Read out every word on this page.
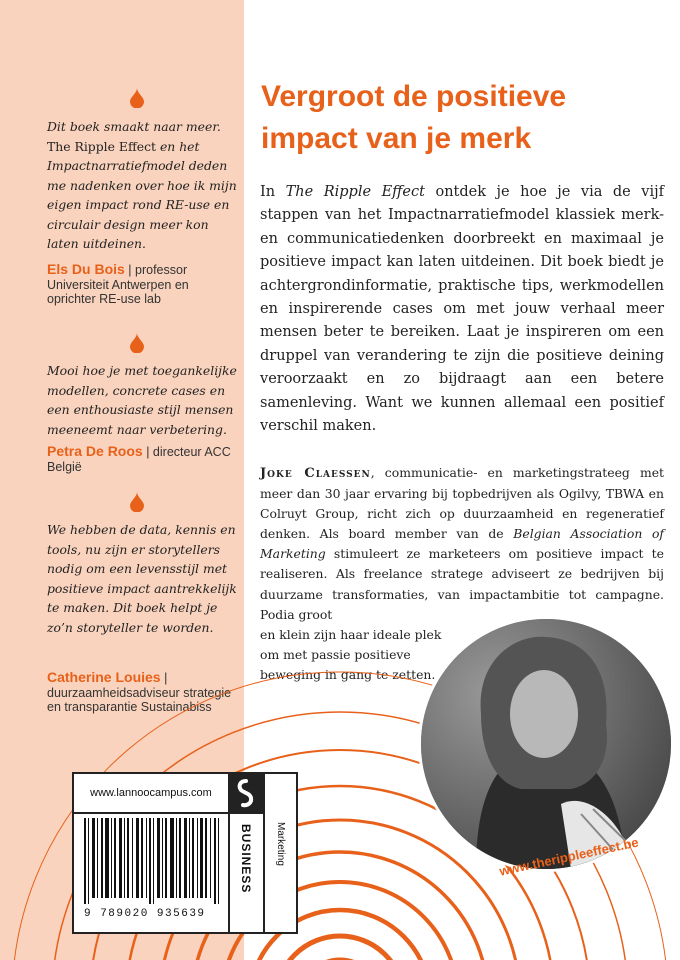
Dit boek smaakt naar meer. The Ripple Effect en het Impactnarratiefmodel deden me nadenken over hoe ik mijn eigen impact rond RE-use en circulair design meer kon laten uitdeinen.

Els Du Bois | professor Universiteit Antwerpen en oprichter RE-use lab

Mooi hoe je met toegankelijke modellen, concrete cases en een enthousiaste stijl mensen meeneemt naar verbetering.

Petra De Roos | directeur ACC België

We hebben de data, kennis en tools, nu zijn er storytellers nodig om een levensstijl met positieve impact aantrekkelijk te maken. Dit boek helpt je zo’n storyteller te worden.

Catherine Louies | duurzaamheidsadviseur strategie en transparantie Sustainabiss
Vergroot de positieve impact van je merk

In The Ripple Effect ontdek je hoe je via de vijf stappen van het Impactnarratiefmodel klassiek merk- en communicatiedenken doorbreekt en maximaal je positieve impact kan laten uitdeinen. Dit boek biedt je achtergrondinformatie, praktische tips, werkmodellen en inspirerende cases om met jouw verhaal meer mensen beter te bereiken. Laat je inspireren om een druppel van verandering te zijn die positieve deining veroorzaakt en zo bijdraagt aan een betere samenleving. Want we kunnen allemaal een positief verschil maken.

Joke Claessen, communicatie- en marketingstrateeg met meer dan 30 jaar ervaring bij topbedrijven als Ogilvy, TBWA en Colruyt Group, richt zich op duurzaamheid en regeneratief denken. Als board member van de Belgian Association of Marketing stimuleert ze marketeers om positieve impact te realiseren. Als freelance stratege adviseert ze bedrijven bij duurzame transformaties, van impactambitie tot campagne. Podia groot

en klein zijn haar ideale plek om met passie positieve beweging in gang te zetten.

www.therippleeffect.be
www.lannoocampus.com
9 789020 935639
BUSINESS Marketing
